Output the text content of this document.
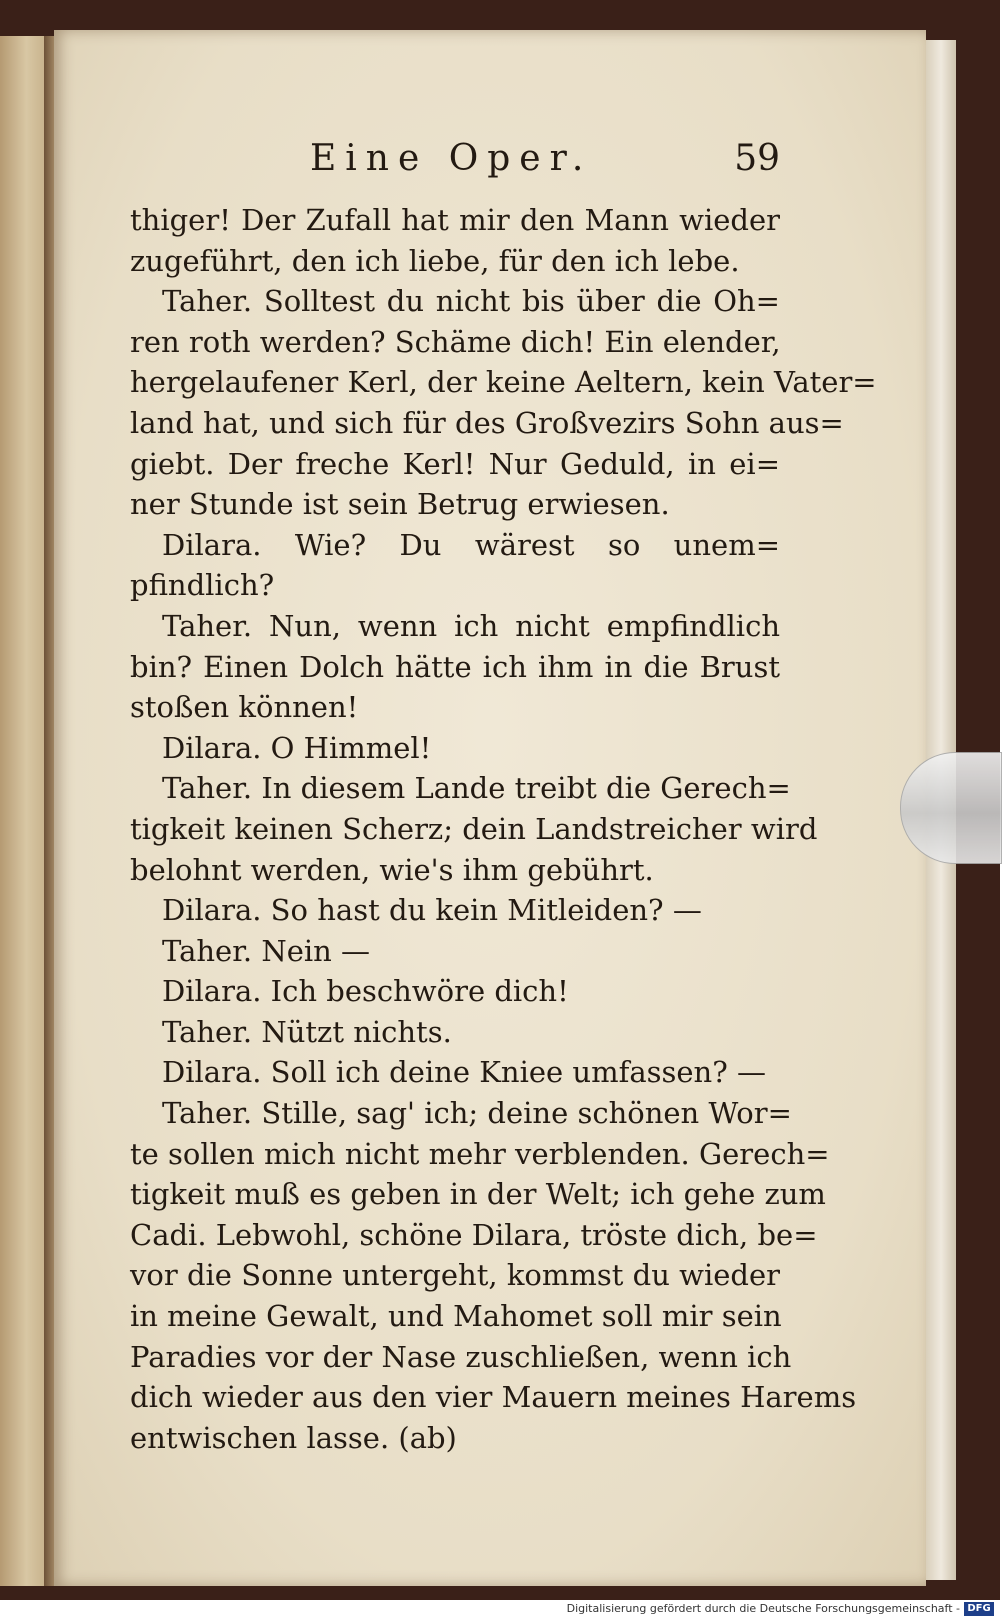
Eine Oper.	59
thiger! Der Zufall hat mir den Mann wieder
zugeführt, den ich liebe, für den ich lebe.
Taher. Solltest du nicht bis über die Oh=
ren roth werden? Schäme dich! Ein elender,
hergelaufener Kerl, der keine Aeltern, kein Vater=
land hat, und sich für des Großvezirs Sohn aus=
giebt. Der freche Kerl! Nur Geduld, in ei=
ner Stunde ist sein Betrug erwiesen.
Dilara. Wie? Du wärest so unem=
pfindlich?
Taher. Nun, wenn ich nicht empfindlich
bin? Einen Dolch hätte ich ihm in die Brust
stoßen können!
Dilara. O Himmel!
Taher. In diesem Lande treibt die Gerech=
tigkeit keinen Scherz; dein Landstreicher wird
belohnt werden, wie's ihm gebührt.
Dilara. So hast du kein Mitleiden? —
Taher. Nein —
Dilara. Ich beschwöre dich!
Taher. Nützt nichts.
Dilara. Soll ich deine Kniee umfassen? —
Taher. Stille, sag' ich; deine schönen Wor=
te sollen mich nicht mehr verblenden. Gerech=
tigkeit muß es geben in der Welt; ich gehe zum
Cadi. Lebwohl, schöne Dilara, tröste dich, be=
vor die Sonne untergeht, kommst du wieder
in meine Gewalt, und Mahomet soll mir sein
Paradies vor der Nase zuschließen, wenn ich
dich wieder aus den vier Mauern meines Harems
entwischen lasse. (ab)
Digitalisierung gefördert durch die Deutsche Forschungsgemeinschaft - DFG
